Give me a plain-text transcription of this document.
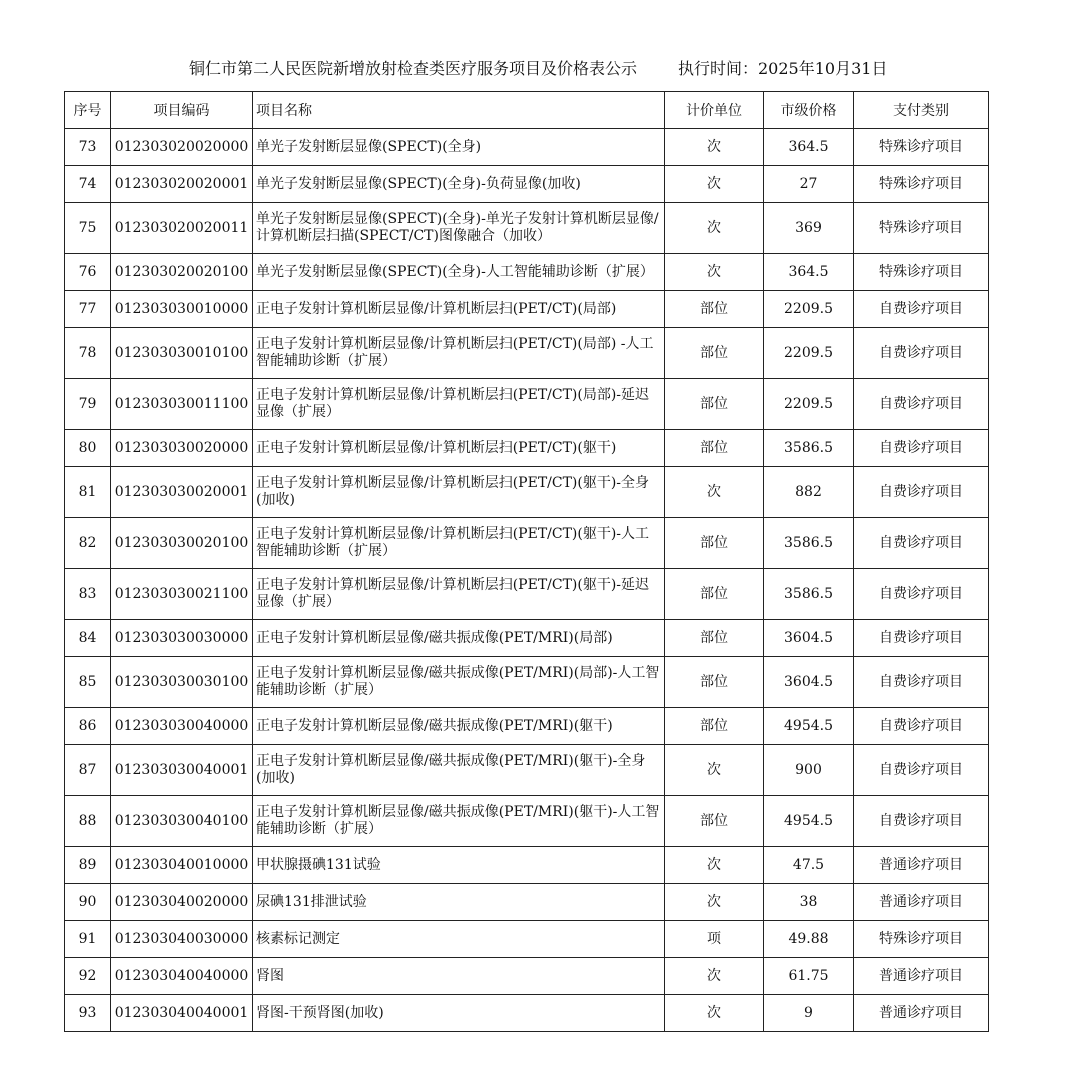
铜仁市第二人民医院新增放射检查类医疗服务项目及价格表公示	执行时间：2025年10月31日
序号	项目编码	项目名称	计价单位	市级价格	支付类别
73	012303020020000	单光子发射断层显像(SPECT)(全身)	次	364.5	特殊诊疗项目
74	012303020020001	单光子发射断层显像(SPECT)(全身)-负荷显像(加收)	次	27	特殊诊疗项目
75	012303020020011	单光子发射断层显像(SPECT)(全身)-单光子发射计算机断层显像/计算机断层扫描(SPECT/CT)图像融合（加收）	次	369	特殊诊疗项目
76	012303020020100	单光子发射断层显像(SPECT)(全身)-人工智能辅助诊断（扩展）	次	364.5	特殊诊疗项目
77	012303030010000	正电子发射计算机断层显像/计算机断层扫(PET/CT)(局部)	部位	2209.5	自费诊疗项目
78	012303030010100	正电子发射计算机断层显像/计算机断层扫(PET/CT)(局部) -人工智能辅助诊断（扩展）	部位	2209.5	自费诊疗项目
79	012303030011100	正电子发射计算机断层显像/计算机断层扫(PET/CT)(局部)-延迟显像（扩展）	部位	2209.5	自费诊疗项目
80	012303030020000	正电子发射计算机断层显像/计算机断层扫(PET/CT)(躯干)	部位	3586.5	自费诊疗项目
81	012303030020001	正电子发射计算机断层显像/计算机断层扫(PET/CT)(躯干)-全身(加收)	次	882	自费诊疗项目
82	012303030020100	正电子发射计算机断层显像/计算机断层扫(PET/CT)(躯干)-人工智能辅助诊断（扩展）	部位	3586.5	自费诊疗项目
83	012303030021100	正电子发射计算机断层显像/计算机断层扫(PET/CT)(躯干)-延迟显像（扩展）	部位	3586.5	自费诊疗项目
84	012303030030000	正电子发射计算机断层显像/磁共振成像(PET/MRI)(局部)	部位	3604.5	自费诊疗项目
85	012303030030100	正电子发射计算机断层显像/磁共振成像(PET/MRI)(局部)-人工智能辅助诊断（扩展）	部位	3604.5	自费诊疗项目
86	012303030040000	正电子发射计算机断层显像/磁共振成像(PET/MRI)(躯干)	部位	4954.5	自费诊疗项目
87	012303030040001	正电子发射计算机断层显像/磁共振成像(PET/MRI)(躯干)-全身(加收)	次	900	自费诊疗项目
88	012303030040100	正电子发射计算机断层显像/磁共振成像(PET/MRI)(躯干)-人工智能辅助诊断（扩展）	部位	4954.5	自费诊疗项目
89	012303040010000	甲状腺摄碘131试验	次	47.5	普通诊疗项目
90	012303040020000	尿碘131排泄试验	次	38	普通诊疗项目
91	012303040030000	核素标记测定	项	49.88	特殊诊疗项目
92	012303040040000	肾图	次	61.75	普通诊疗项目
93	012303040040001	肾图-干预肾图(加收)	次	9	普通诊疗项目
